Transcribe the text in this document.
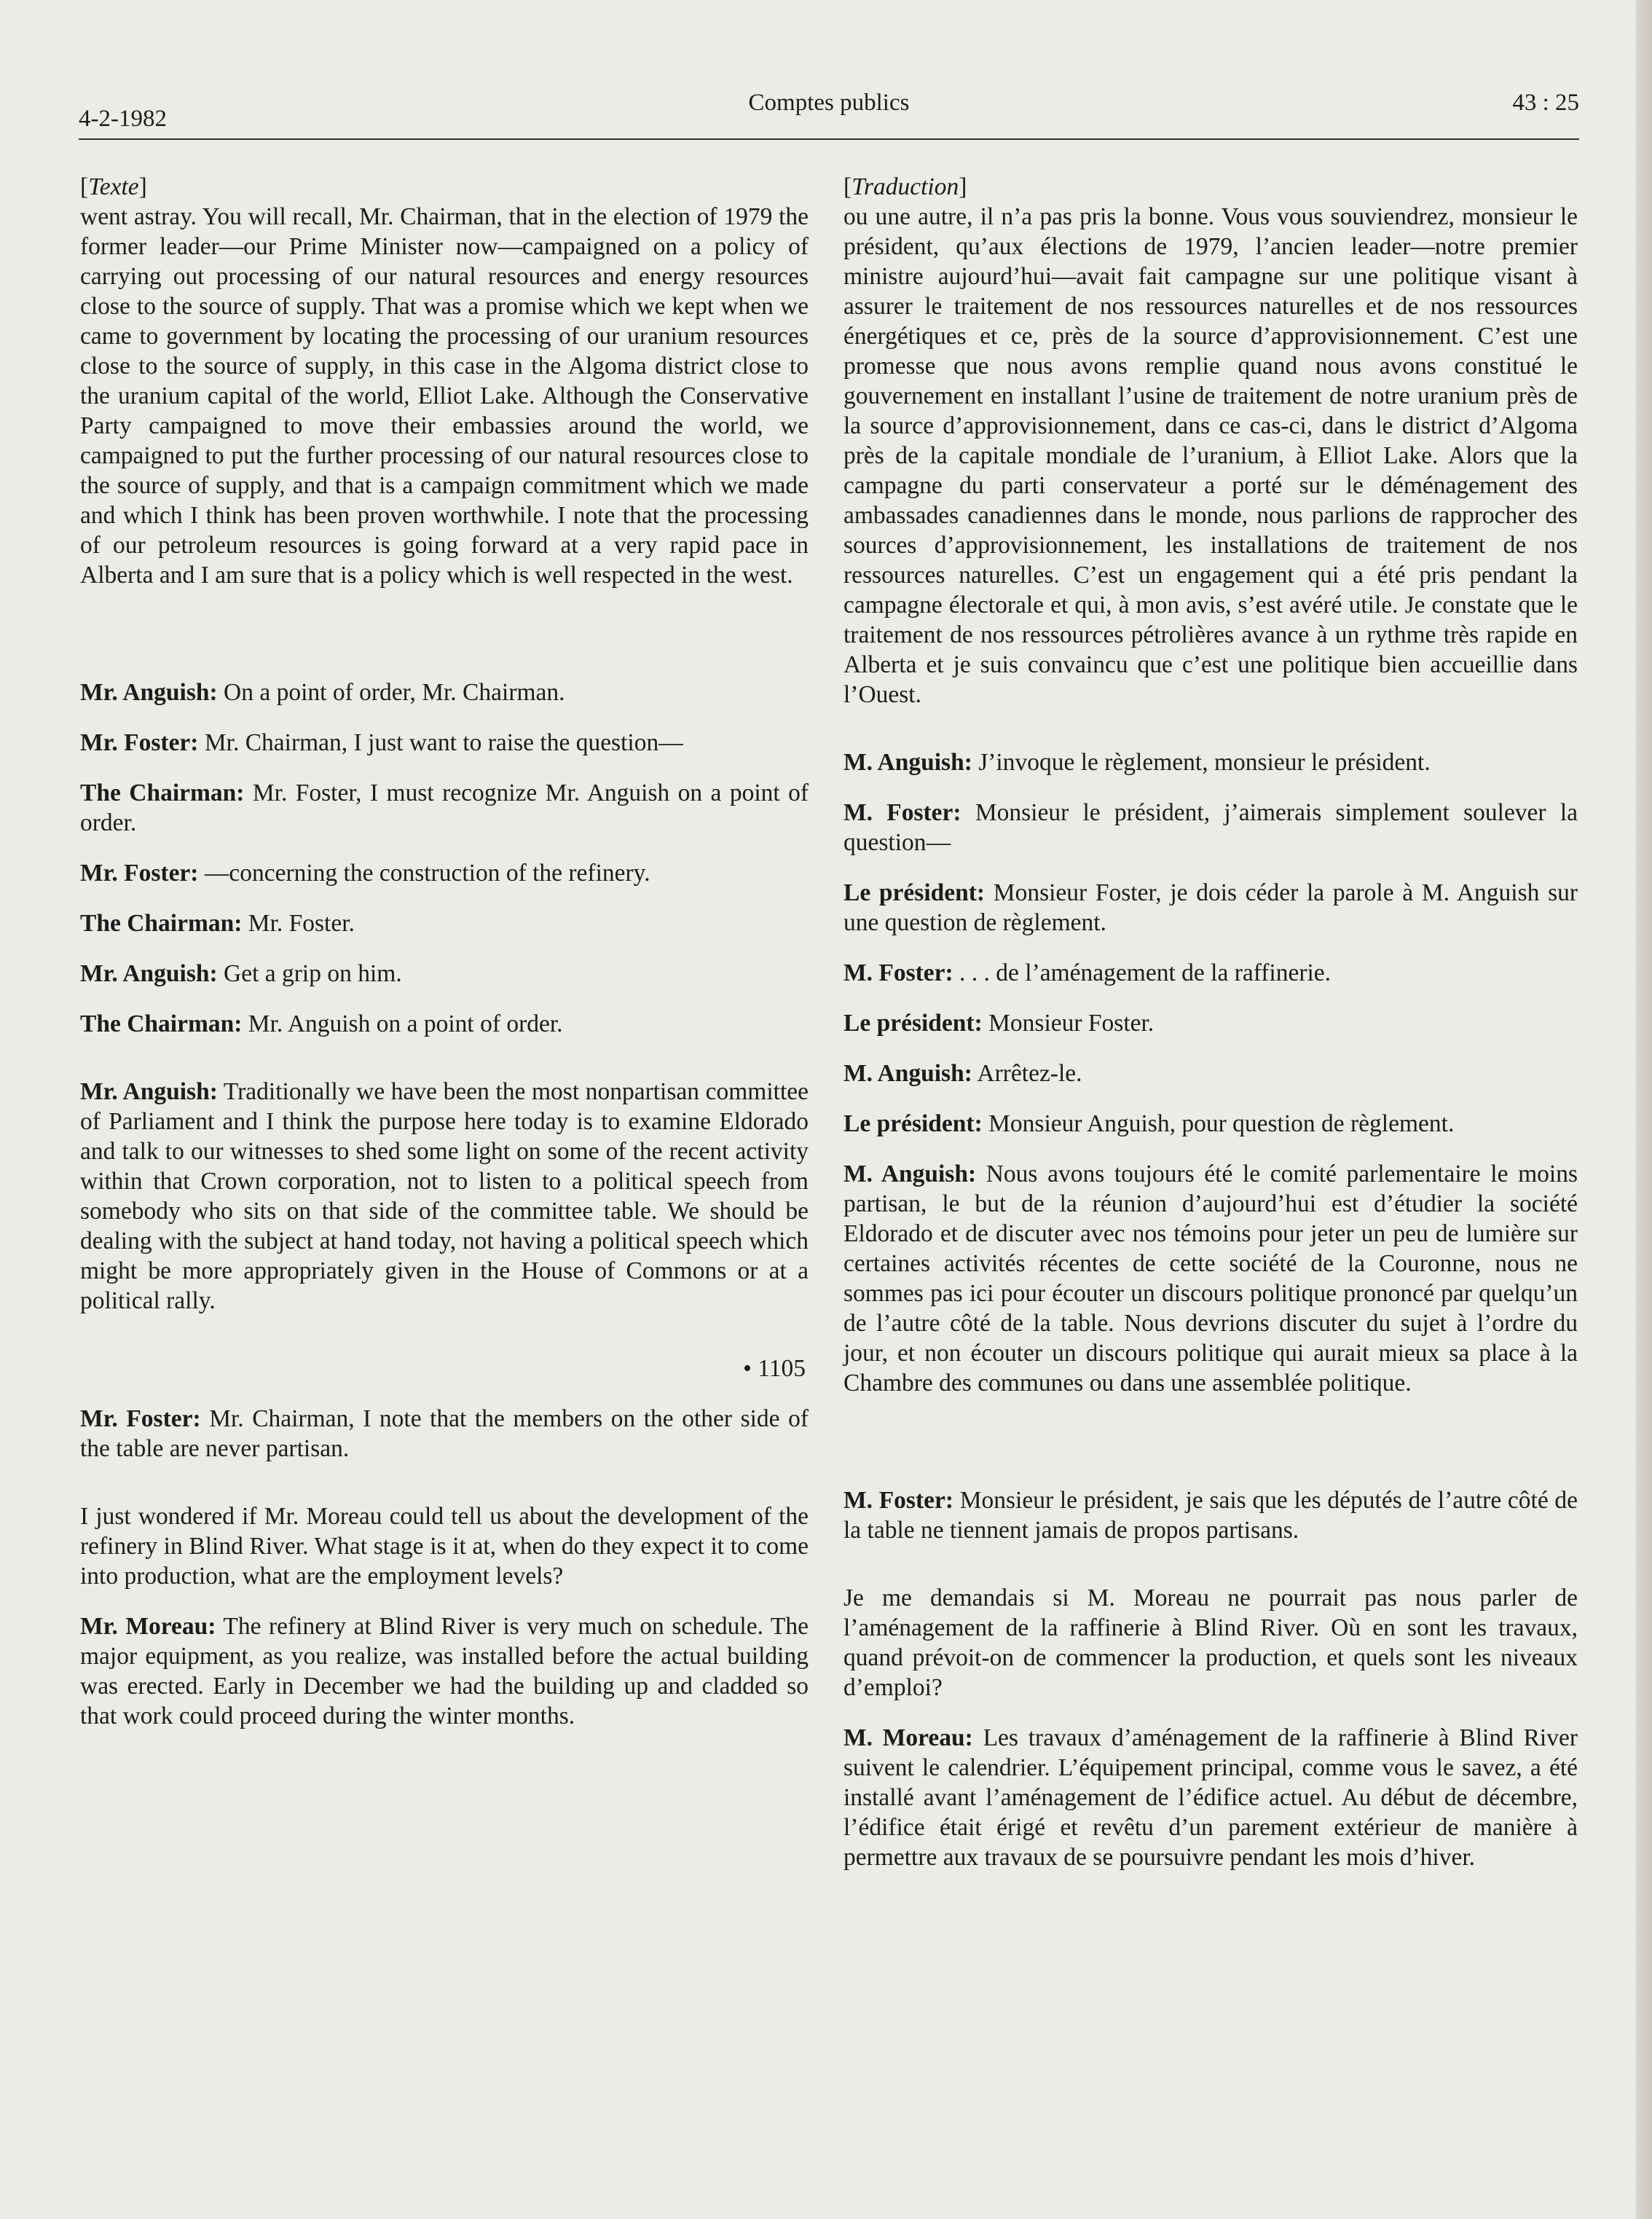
4-2-1982
Comptes publics	43 : 25

[Texte]

went astray. You will recall, Mr. Chairman, that in the election of 1979 the former leader—our Prime Minister now—campaigned on a policy of carrying out processing of our natural resources and energy resources close to the source of supply. That was a promise which we kept when we came to government by locating the processing of our uranium resources close to the source of supply, in this case in the Algoma district close to the uranium capital of the world, Elliot Lake. Although the Conservative Party campaigned to move their embassies around the world, we campaigned to put the further processing of our natural resources close to the source of supply, and that is a campaign commitment which we made and which I think has been proven worthwhile. I note that the processing of our petroleum resources is going forward at a very rapid pace in Alberta and I am sure that is a policy which is well respected in the west.

Mr. Anguish: On a point of order, Mr. Chairman.

Mr. Foster: Mr. Chairman, I just want to raise the question—

The Chairman: Mr. Foster, I must recognize Mr. Anguish on a point of order.

Mr. Foster: —concerning the construction of the refinery.

The Chairman: Mr. Foster.

Mr. Anguish: Get a grip on him.

The Chairman: Mr. Anguish on a point of order.

Mr. Anguish: Traditionally we have been the most nonpartisan committee of Parliament and I think the purpose here today is to examine Eldorado and talk to our witnesses to shed some light on some of the recent activity within that Crown corporation, not to listen to a political speech from somebody who sits on that side of the committee table. We should be dealing with the subject at hand today, not having a political speech which might be more appropriately given in the House of Commons or at a political rally.

• 1105

Mr. Foster: Mr. Chairman, I note that the members on the other side of the table are never partisan.

I just wondered if Mr. Moreau could tell us about the development of the refinery in Blind River. What stage is it at, when do they expect it to come into production, what are the employment levels?

Mr. Moreau: The refinery at Blind River is very much on schedule. The major equipment, as you realize, was installed before the actual building was erected. Early in December we had the building up and cladded so that work could proceed during the winter months.

[Traduction]

ou une autre, il n’a pas pris la bonne. Vous vous souviendrez, monsieur le président, qu’aux élections de 1979, l’ancien leader—notre premier ministre aujourd’hui—avait fait campagne sur une politique visant à assurer le traitement de nos ressources naturelles et de nos ressources énergétiques et ce, près de la source d’approvisionnement. C’est une promesse que nous avons remplie quand nous avons constitué le gouvernement en installant l’usine de traitement de notre uranium près de la source d’approvisionnement, dans ce cas-ci, dans le district d’Algoma près de la capitale mondiale de l’uranium, à Elliot Lake. Alors que la campagne du parti conservateur a porté sur le déménagement des ambassades canadiennes dans le monde, nous parlions de rapprocher des sources d’approvisionnement, les installations de traitement de nos ressources naturelles. C’est un engagement qui a été pris pendant la campagne électorale et qui, à mon avis, s’est avéré utile. Je constate que le traitement de nos ressources pétrolières avance à un rythme très rapide en Alberta et je suis convaincu que c’est une politique bien accueillie dans l’Ouest.

M. Anguish: J’invoque le règlement, monsieur le président.

M. Foster: Monsieur le président, j’aimerais simplement soulever la question—

Le président: Monsieur Foster, je dois céder la parole à M. Anguish sur une question de règlement.

M. Foster: . . . de l’aménagement de la raffinerie.

Le président: Monsieur Foster.

M. Anguish: Arrêtez-le.

Le président: Monsieur Anguish, pour question de règlement.

M. Anguish: Nous avons toujours été le comité parlementaire le moins partisan, le but de la réunion d’aujourd’hui est d’étudier la société Eldorado et de discuter avec nos témoins pour jeter un peu de lumière sur certaines activités récentes de cette société de la Couronne, nous ne sommes pas ici pour écouter un discours politique prononcé par quelqu’un de l’autre côté de la table. Nous devrions discuter du sujet à l’ordre du jour, et non écouter un discours politique qui aurait mieux sa place à la Chambre des communes ou dans une assemblée politique.

M. Foster: Monsieur le président, je sais que les députés de l’autre côté de la table ne tiennent jamais de propos partisans.

Je me demandais si M. Moreau ne pourrait pas nous parler de l’aménagement de la raffinerie à Blind River. Où en sont les travaux, quand prévoit-on de commencer la production, et quels sont les niveaux d’emploi?

M. Moreau: Les travaux d’aménagement de la raffinerie à Blind River suivent le calendrier. L’équipement principal, comme vous le savez, a été installé avant l’aménagement de l’édifice actuel. Au début de décembre, l’édifice était érigé et revêtu d’un parement extérieur de manière à permettre aux travaux de se poursuivre pendant les mois d’hiver.
